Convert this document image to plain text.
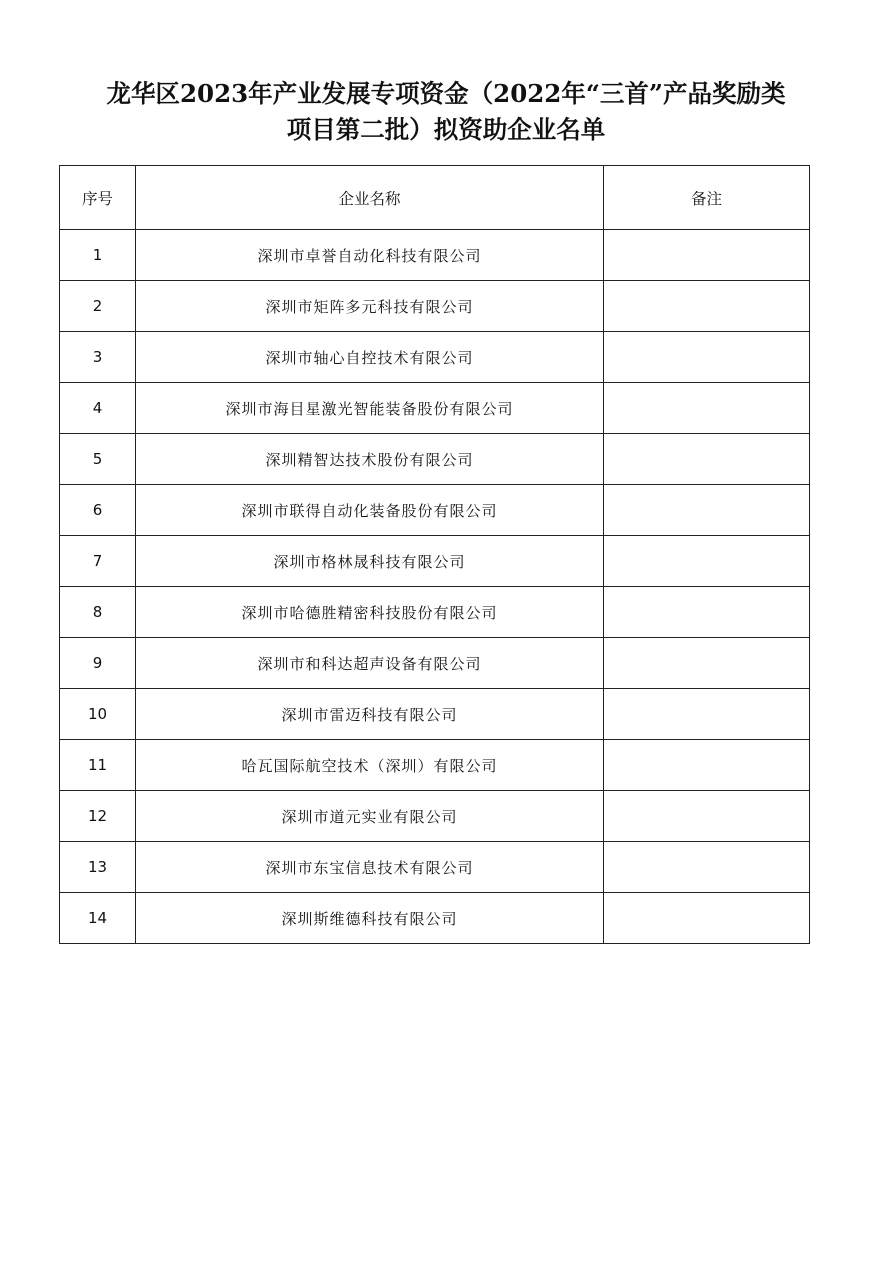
龙华区2023年产业发展专项资金（2022年“三首”产品奖励类
项目第二批）拟资助企业名单
序号	企业名称	备注
1	深圳市卓誉自动化科技有限公司	
2	深圳市矩阵多元科技有限公司	
3	深圳市轴心自控技术有限公司	
4	深圳市海目星激光智能装备股份有限公司	
5	深圳精智达技术股份有限公司	
6	深圳市联得自动化装备股份有限公司	
7	深圳市格林晟科技有限公司	
8	深圳市哈德胜精密科技股份有限公司	
9	深圳市和科达超声设备有限公司	
10	深圳市雷迈科技有限公司	
11	哈瓦国际航空技术（深圳）有限公司	
12	深圳市道元实业有限公司	
13	深圳市东宝信息技术有限公司	
14	深圳斯维德科技有限公司	
